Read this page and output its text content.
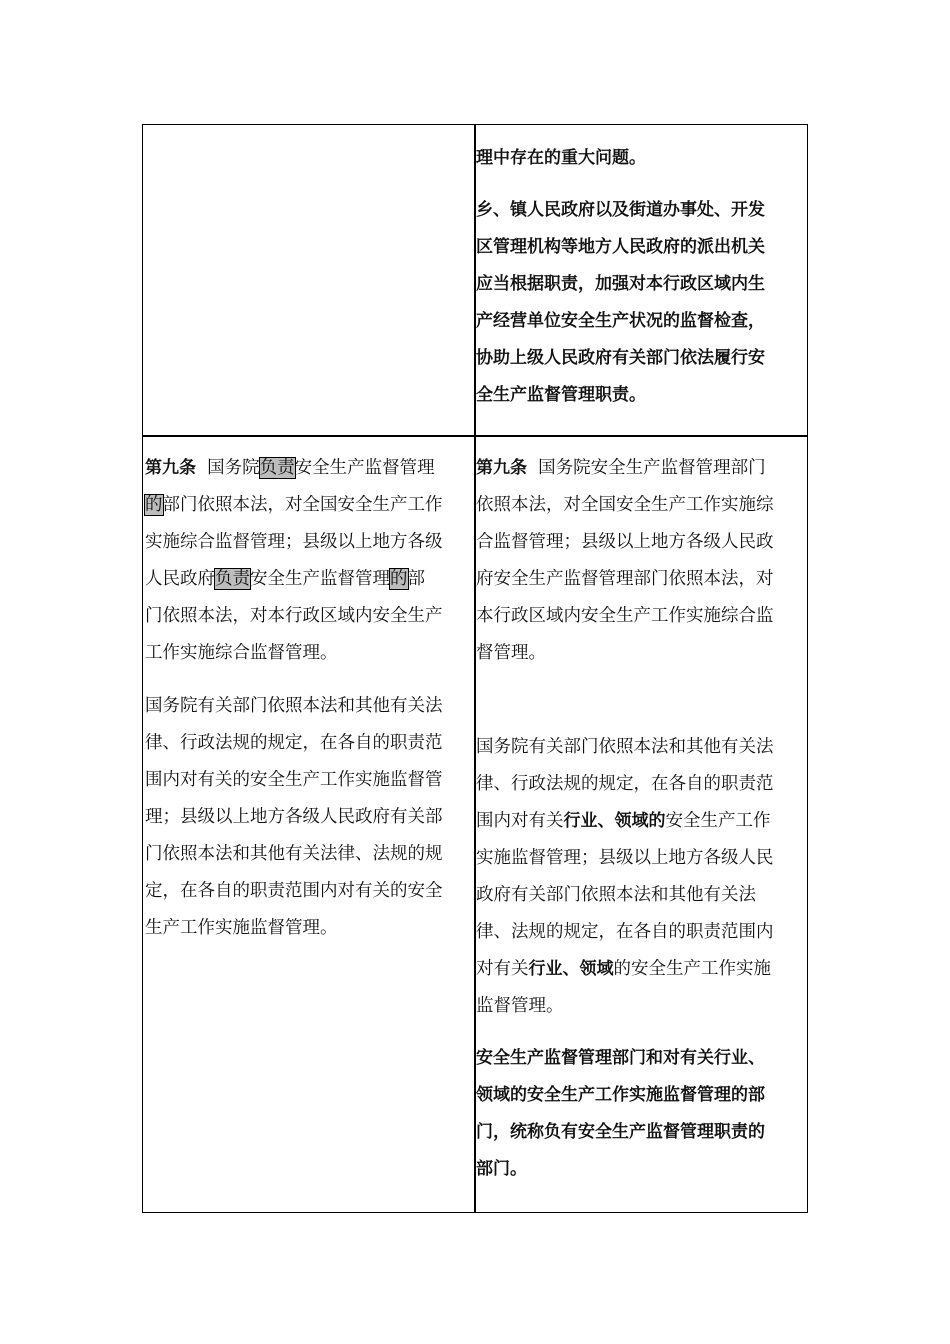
理中存在的重大问题。

乡、镇人民政府以及街道办事处、开发
区管理机构等地方人民政府的派出机关
应当根据职责，加强对本行政区域内生
产经营单位安全生产状况的监督检查，
协助上级人民政府有关部门依法履行安
全生产监督管理职责。

第九条  国务院负责安全生产监督管理
的部门依照本法，对全国安全生产工作
实施综合监督管理；县级以上地方各级
人民政府负责安全生产监督管理的部
门依照本法，对本行政区域内安全生产
工作实施综合监督管理。

国务院有关部门依照本法和其他有关法
律、行政法规的规定，在各自的职责范
围内对有关的安全生产工作实施监督管
理；县级以上地方各级人民政府有关部
门依照本法和其他有关法律、法规的规
定，在各自的职责范围内对有关的安全
生产工作实施监督管理。

第九条  国务院安全生产监督管理部门
依照本法，对全国安全生产工作实施综
合监督管理；县级以上地方各级人民政
府安全生产监督管理部门依照本法，对
本行政区域内安全生产工作实施综合监
督管理。

国务院有关部门依照本法和其他有关法
律、行政法规的规定，在各自的职责范
围内对有关行业、领域的安全生产工作
实施监督管理；县级以上地方各级人民
政府有关部门依照本法和其他有关法
律、法规的规定，在各自的职责范围内
对有关行业、领域的安全生产工作实施
监督管理。

安全生产监督管理部门和对有关行业、
领域的安全生产工作实施监督管理的部
门，统称负有安全生产监督管理职责的
部门。
